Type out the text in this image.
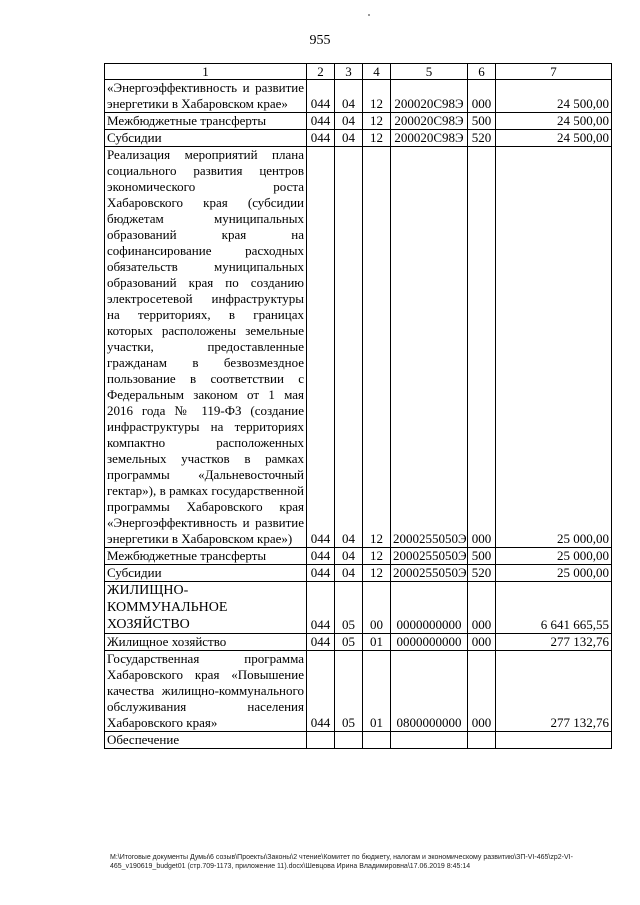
955
1	2	3	4	5	6	7
«Энергоэффективность и развитие энергетики в Хабаровском крае»	044	04	12	200020С98Э	000	24 500,00
Межбюджетные трансферты	044	04	12	200020С98Э	500	24 500,00
Субсидии	044	04	12	200020С98Э	520	24 500,00
Реализация мероприятий плана социального развития центров экономического роста Хабаровского края (субсидии бюджетам муниципальных образований края на софинансирование расходных обязательств муниципальных образований края по созданию электросетевой инфраструктуры на территориях, в границах которых расположены земельные участки, предоставленные гражданам в безвозмездное пользование в соответствии с Федеральным законом от 1 мая 2016 года № 119-ФЗ (создание инфраструктуры на территориях компактно расположенных земельных участков в рамках программы «Дальневосточный гектар»), в рамках государственной программы Хабаровского края «Энергоэффективность и развитие энергетики в Хабаровском крае»)	044	04	12	2000255050Э	000	25 000,00
Межбюджетные трансферты	044	04	12	2000255050Э	500	25 000,00
Субсидии	044	04	12	2000255050Э	520	25 000,00
ЖИЛИЩНО-КОММУНАЛЬНОЕ ХОЗЯЙСТВО	044	05	00	0000000000	000	6 641 665,55
Жилищное хозяйство	044	05	01	0000000000	000	277 132,76
Государственная программа Хабаровского края «Повышение качества жилищно-коммунального обслуживания населения Хабаровского края»	044	05	01	0800000000	000	277 132,76
Обеспечение						
M:\Итоговые документы Думы\6 созыв\Проекты\Законы\2 чтение\Комитет по бюджету, налогам и экономическому развитию\ЗП-VI-465\zp2-VI-465_v190619_budget01 (стр.709-1173, приложение 11).docx\Шевцова Ирина Владимировна\17.06.2019 8:45:14
